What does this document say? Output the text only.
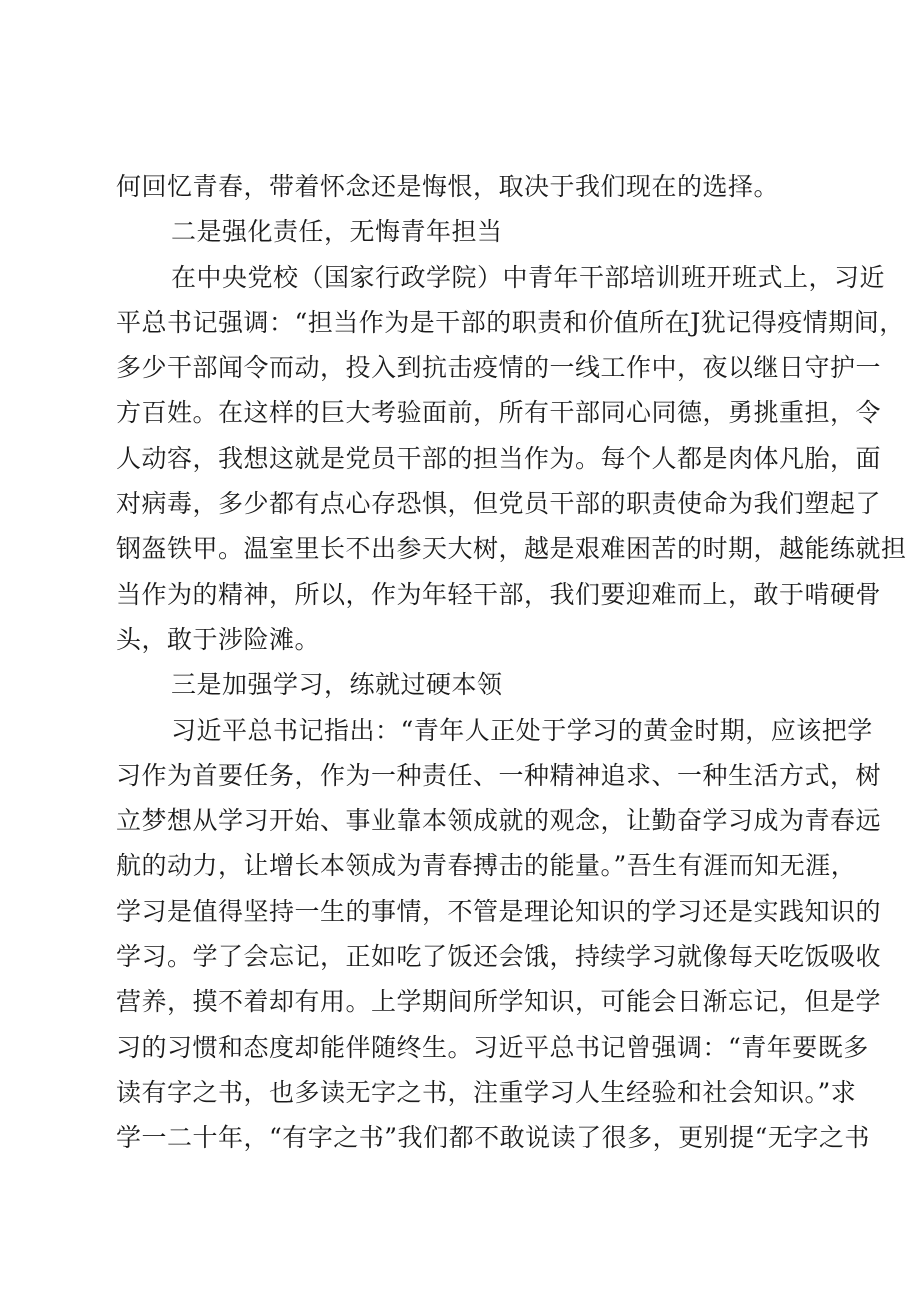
何回忆青春，带着怀念还是悔恨，取决于我们现在的选择。
二是强化责任，无悔青年担当
在中央党校（国家行政学院）中青年干部培训班开班式上，习近
平总书记强调：“担当作为是干部的职责和价值所在J犹记得疫情期间，
多少干部闻令而动，投入到抗击疫情的一线工作中，夜以继日守护一
方百姓。在这样的巨大考验面前，所有干部同心同德，勇挑重担，令
人动容，我想这就是党员干部的担当作为。每个人都是肉体凡胎，面
对病毒，多少都有点心存恐惧，但党员干部的职责使命为我们塑起了
钢盔铁甲。温室里长不出参天大树，越是艰难困苦的时期，越能练就担
当作为的精神，所以，作为年轻干部，我们要迎难而上，敢于啃硬骨
头，敢于涉险滩。
三是加强学习，练就过硬本领
习近平总书记指出：“青年人正处于学习的黄金时期，应该把学
习作为首要任务，作为一种责任、一种精神追求、一种生活方式，树
立梦想从学习开始、事业靠本领成就的观念，让勤奋学习成为青春远
航的动力，让增长本领成为青春搏击的能量。”吾生有涯而知无涯，
学习是值得坚持一生的事情，不管是理论知识的学习还是实践知识的
学习。学了会忘记，正如吃了饭还会饿，持续学习就像每天吃饭吸收
营养，摸不着却有用。上学期间所学知识，可能会日渐忘记，但是学
习的习惯和态度却能伴随终生。习近平总书记曾强调：“青年要既多
读有字之书，也多读无字之书，注重学习人生经验和社会知识。”求
学一二十年，“有字之书”我们都不敢说读了很多，更别提“无字之书
